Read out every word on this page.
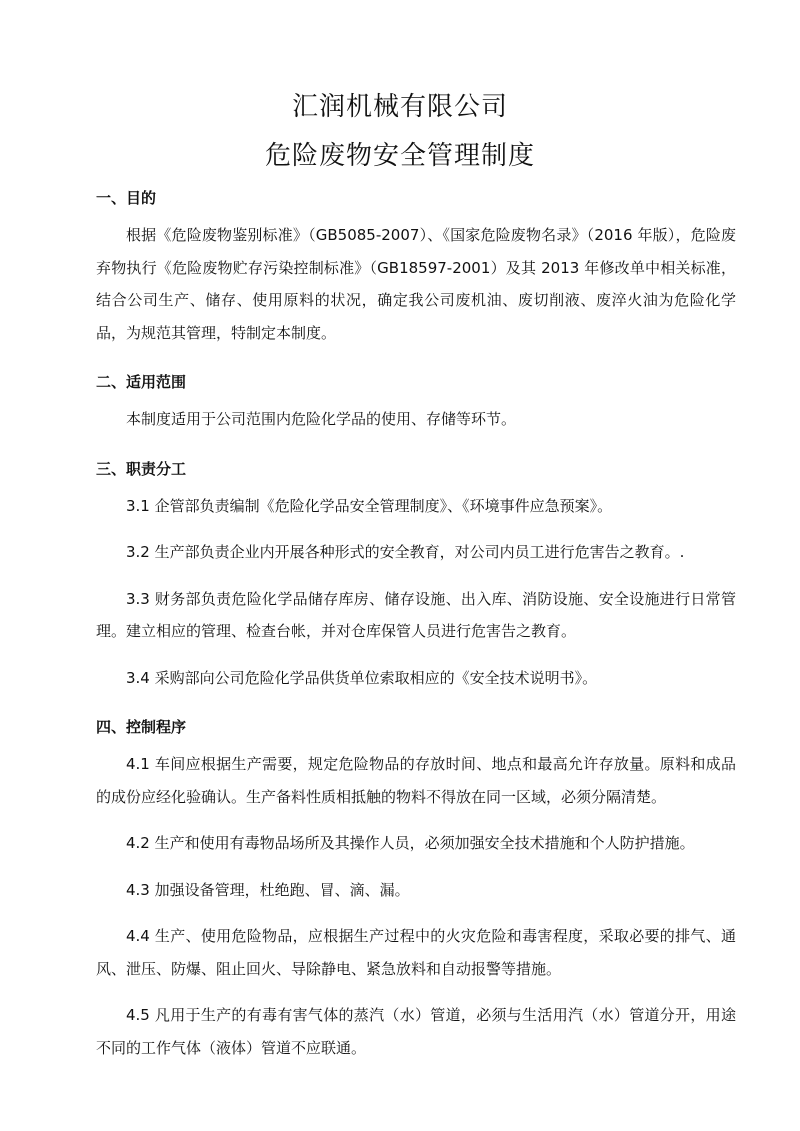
汇润机械有限公司
危险废物安全管理制度

一、目的

根据《危险废物鉴别标准》（GB5085-2007）、《国家危险废物名录》（2016 年版），危险废弃物执行《危险废物贮存污染控制标准》（GB18597-2001）及其 2013 年修改单中相关标准，结合公司生产、储存、使用原料的状况，确定我公司废机油、废切削液、废淬火油为危险化学品，为规范其管理，特制定本制度。

二、适用范围

本制度适用于公司范围内危险化学品的使用、存储等环节。

三、职责分工

3.1 企管部负责编制《危险化学品安全管理制度》、《环境事件应急预案》。

3.2 生产部负责企业内开展各种形式的安全教育，对公司内员工进行危害告之教育。.

3.3 财务部负责危险化学品储存库房、储存设施、出入库、消防设施、安全设施进行日常管理。建立相应的管理、检查台帐，并对仓库保管人员进行危害告之教育。

3.4 采购部向公司危险化学品供货单位索取相应的《安全技术说明书》。

四、控制程序

4.1 车间应根据生产需要，规定危险物品的存放时间、地点和最高允许存放量。原料和成品的成份应经化验确认。生产备料性质相抵触的物料不得放在同一区域，必须分隔清楚。

4.2 生产和使用有毒物品场所及其操作人员，必须加强安全技术措施和个人防护措施。

4.3 加强设备管理，杜绝跑、冒、滴、漏。

4.4 生产、使用危险物品，应根据生产过程中的火灾危险和毒害程度，采取必要的排气、通风、泄压、防爆、阻止回火、导除静电、紧急放料和自动报警等措施。

4.5 凡用于生产的有毒有害气体的蒸汽（水）管道，必须与生活用汽（水）管道分开，用途不同的工作气体（液体）管道不应联通。
